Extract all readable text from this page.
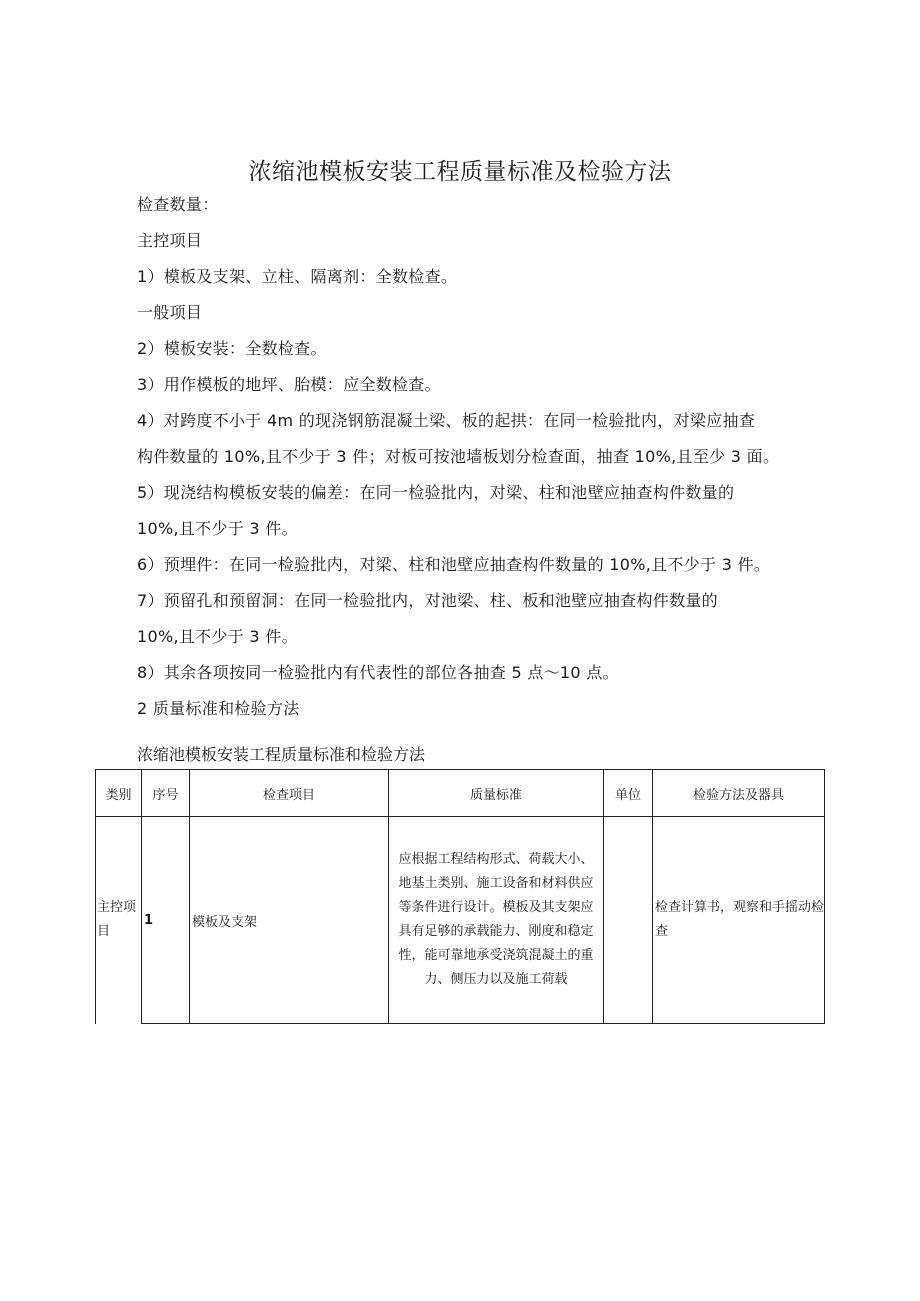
浓缩池模板安装工程质量标准及检验方法
检查数量：
主控项目
1）模板及支架、立柱、隔离剂：全数检查。
一般项目
2）模板安装：全数检查。
3）用作模板的地坪、胎模：应全数检查。
4）对跨度不小于 4m 的现浇钢筋混凝土梁、板的起拱：在同一检验批内，对梁应抽查
构件数量的 10%,且不少于 3 件；对板可按池墙板划分检查面，抽查 10%,且至少 3 面。
5）现浇结构模板安装的偏差：在同一检验批内，对梁、柱和池壁应抽查构件数量的
10%,且不少于 3 件。
6）预埋件：在同一检验批内，对梁、柱和池壁应抽查构件数量的 10%,且不少于 3 件。
7）预留孔和预留洞：在同一检验批内，对池梁、柱、板和池壁应抽查构件数量的
10%,且不少于 3 件。
8）其余各项按同一检验批内有代表性的部位各抽查 5 点～10 点。
2 质量标准和检验方法
浓缩池模板安装工程质量标准和检验方法
类别	序号	检查项目	质量标准	单位	检验方法及器具
主控项目	1	模板及支架	应根据工程结构形式、荷载大小、地基土类别、施工设备和材料供应等条件进行设计。模板及其支架应具有足够的承载能力、刚度和稳定性，能可靠地承受浇筑混凝土的重力、侧压力以及施工荷载		检查计算书，观察和手摇动检查
